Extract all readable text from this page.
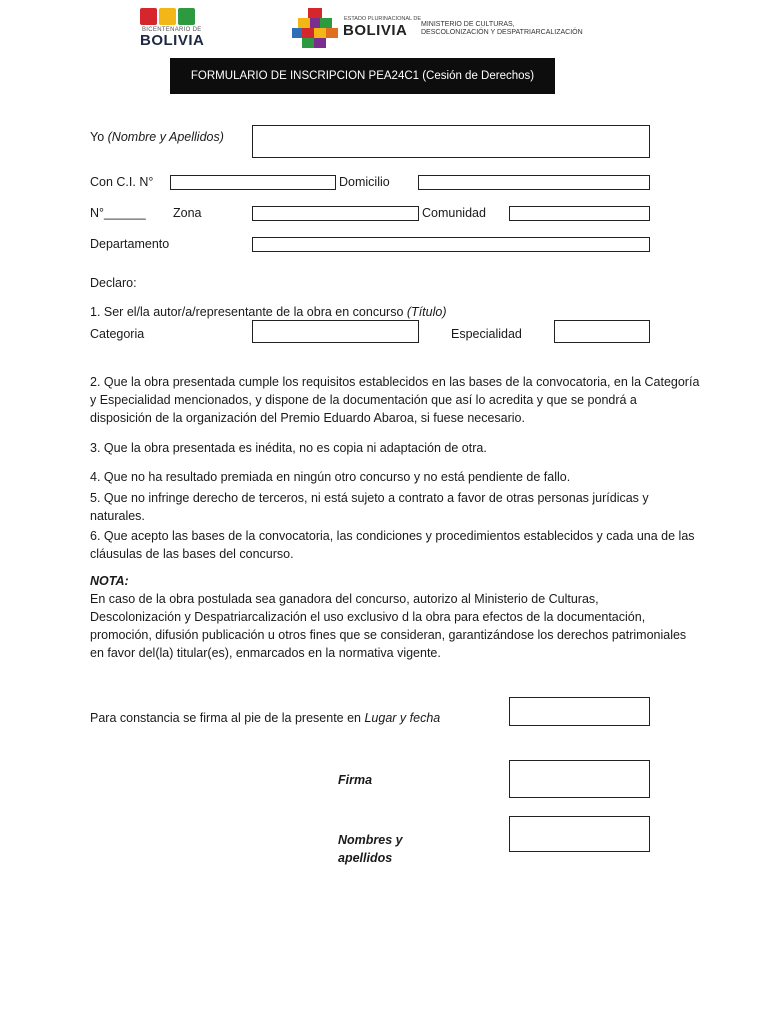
BICENTENARIO DE
BOLIVIA
ESTADO PLURINACIONAL DE
BOLIVIA MINISTERIO DE CULTURAS,
DESCOLONIZACIÓN Y DESPATRIARCALIZACIÓN
FORMULARIO DE INSCRIPCION PEA24C1 (Cesión de Derechos)
Yo (Nombre y Apellidos)
Con C.I. N°	Domicilio
N°______ Zona	Comunidad
Departamento
Declaro:
1. Ser el/la autor/a/representante de la obra en concurso (Título)
Categoria	Especialidad
2. Que la obra presentada cumple los requisitos establecidos en las bases de la convocatoria, en la Categoría y Especialidad mencionados, y dispone de la documentación que así lo acredita y que se pondrá a disposición de la organización del Premio Eduardo Abaroa, si fuese necesario.
3. Que la obra presentada es inédita, no es copia ni adaptación de otra.
4. Que no ha resultado premiada en ningún otro concurso y no está pendiente de fallo.
5. Que no infringe derecho de terceros, ni está sujeto a contrato a favor de otras personas jurídicas y naturales.
6. Que acepto las bases de la convocatoria, las condiciones y procedimientos establecidos y cada una de las cláusulas de las bases del concurso.
NOTA:
En caso de la obra postulada sea ganadora del concurso, autorizo al Ministerio de Culturas, Descolonización y Despatriarcalización el uso exclusivo d la obra para efectos de la documentación, promoción, difusión publicación u otros fines que se consideran, garantizándose los derechos patrimoniales en favor del(la) titular(es), enmarcados en la normativa vigente.
Para constancia se firma al pie de la presente en Lugar y fecha
Firma
Nombres y
apellidos
